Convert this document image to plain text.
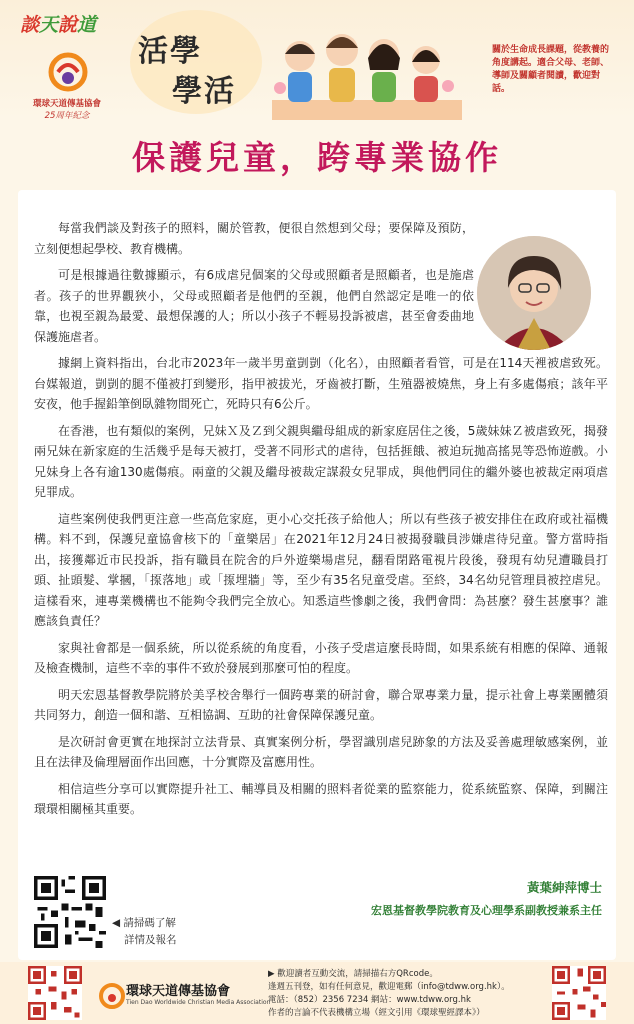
談天說道
環球天道傳基協會
25周年紀念
活學
學活
關於生命成長課題，從教養的角度講起。適合父母、老師、導師及關顧者閱讀，歡迎對話。
保護兒童，跨專業協作

每當我們談及對孩子的照料，關於管教，便很自然想到父母；要保障及預防，立刻便想起學校、教育機構。

可是根據過往數據顯示，有6成虐兒個案的父母或照顧者是照顧者，也是施虐者。孩子的世界觀狹小，父母或照顧者是他們的至親，他們自然認定是唯一的依靠，也視至親為最愛、最想保護的人；所以小孩子不輕易投訴被虐，甚至會委曲地保護施虐者。

據網上資料指出，台北市2023年一歲半男童剴剴（化名），由照顧者看管，可是在114天裡被虐致死。台媒報道，剴剴的腿不僅被打到變形，指甲被拔光，牙齒被打斷，生殖器被燒焦，身上有多處傷痕；該年平安夜，他手握鉛筆倒臥雜物間死亡，死時只有6公斤。

在香港，也有類似的案例，兄妹Ｘ及Ｚ到父親與繼母組成的新家庭居住之後，5歲妹妹Ｚ被虐致死，揭發兩兄妹在新家庭的生活幾乎是每天被打，受著不同形式的虐待，包括捱餓、被迫玩拋高搖晃等恐怖遊戲。小兄妹身上各有逾130處傷痕。兩童的父親及繼母被裁定謀殺女兒罪成，與他們同住的繼外婆也被裁定兩項虐兒罪成。

這些案例使我們更注意一些高危家庭，更小心交托孩子給他人；所以有些孩子被安排住在政府或社福機構。料不到，保護兒童協會核下的「童樂居」在2021年12月24日被揭發職員涉嫌虐待兒童。警方當時指出，接獲鄰近市民投訴，指有職員在院舍的戶外遊樂場虐兒，翻看閉路電視片段後，發現有幼兒遭職員打頭、扯頭髮、掌摑，「揼落地」或「揼埋牆」等，至少有35名兒童受虐。至終，34名幼兒管理員被控虐兒。這樣看來，連專業機構也不能夠令我們完全放心。知悉這些慘劇之後，我們會問：為甚麼？發生甚麼事？誰應該負責任？

家與社會都是一個系統，所以從系統的角度看，小孩子受虐這麼長時間，如果系統有相應的保障、通報及檢查機制，這些不幸的事件不致於發展到那麼可怕的程度。

明天宏恩基督教學院將於美孚校舍舉行一個跨專業的研討會，聯合眾專業力量，提示社會上專業團體須共同努力，創造一個和諧、互相協調、互助的社會保障保護兒童。

是次研討會更實在地探討立法背景、真實案例分析，學習識別虐兒跡象的方法及妥善處理敏感案例，並且在法律及倫理層面作出回應，十分實際及富應用性。

相信這些分享可以實際提升社工、輔導員及相關的照料者從業的監察能力，從系統監察、保障，到關注環環相關極其重要。

◀ 請掃碼了解
詳情及報名
黃葉紳萍博士
宏恩基督教學院教育及心理學系副教授兼系主任
環球天道傳基協會
Tien Dao Worldwide Christian Media Association
▶ 歡迎讀者互動交流，請掃描右方QRcode。
逢週五刊登，如有任何意見，歡迎電郵（info@tdww.org.hk）。
電話：（852）2356 7234 網站：www.tdww.org.hk
作者的言論不代表機構立場（經文引用《環球聖經譯本》）
